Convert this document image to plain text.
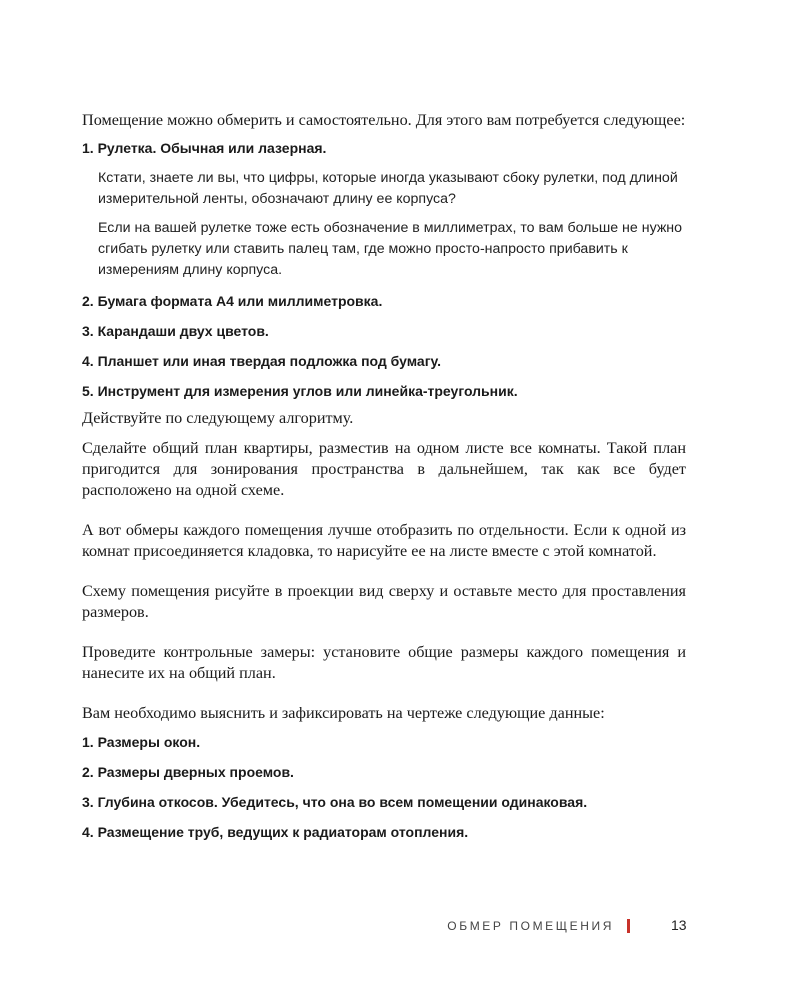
Помещение можно обмерить и самостоятельно. Для этого вам потребуется следующее:

1. Рулетка. Обычная или лазерная.

Кстати, знаете ли вы, что цифры, которые иногда указывают сбоку рулетки, под длиной измерительной ленты, обозначают длину ее корпуса?

Если на вашей рулетке тоже есть обозначение в миллиметрах, то вам больше не нужно сгибать рулетку или ставить палец там, где можно просто-напросто прибавить к измерениям длину корпуса.

2. Бумага формата А4 или миллиметровка.

3. Карандаши двух цветов.

4. Планшет или иная твердая подложка под бумагу.

5. Инструмент для измерения углов или линейка-треугольник.

Действуйте по следующему алгоритму.

Сделайте общий план квартиры, разместив на одном листе все комнаты. Такой план пригодится для зонирования пространства в дальнейшем, так как все будет расположено на одной схеме.

А вот обмеры каждого помещения лучше отобразить по отдельности. Если к одной из комнат присоединяется кладовка, то нарисуйте ее на листе вместе с этой комнатой.

Схему помещения рисуйте в проекции вид сверху и оставьте место для проставления размеров.

Проведите контрольные замеры: установите общие размеры каждого помещения и нанесите их на общий план.

Вам необходимо выяснить и зафиксировать на чертеже следующие данные:

1. Размеры окон.

2. Размеры дверных проемов.

3. Глубина откосов. Убедитесь, что она во всем помещении одинаковая.

4. Размещение труб, ведущих к радиаторам отопления.

ОБМЕР ПОМЕЩЕНИЯ	13
